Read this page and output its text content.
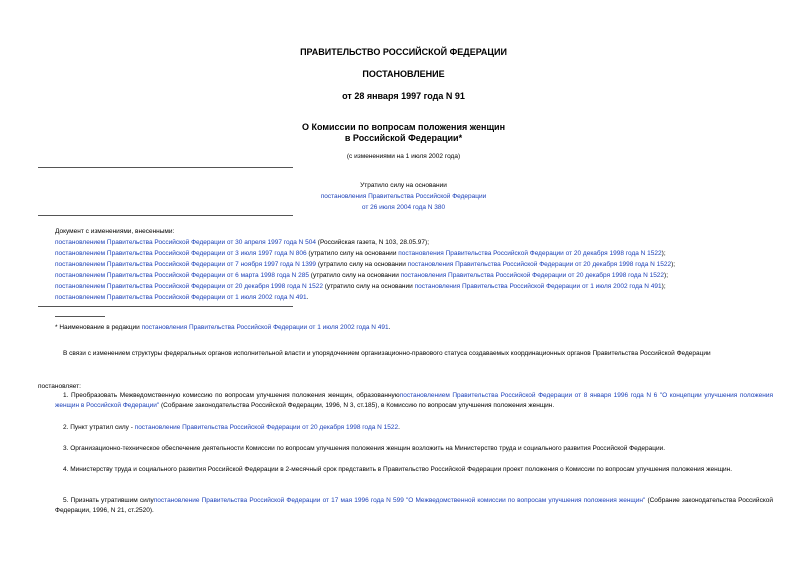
ПРАВИТЕЛЬСТВО РОССИЙСКОЙ ФЕДЕРАЦИИ
ПОСТАНОВЛЕНИЕ
от 28 января 1997 года N 91
О Комиссии по вопросам положения женщин
в Российской Федерации*
(с изменениями на 1 июля 2002 года)
Утратило силу на основании
постановления Правительства Российской Федерации
от 26 июля 2004 года N 380
Документ с изменениями, внесенными:
постановлением Правительства Российской Федерации от 30 апреля 1997 года N 504 (Российская газета, N 103, 28.05.97);
постановлением Правительства Российской Федерации от 3 июля 1997 года N 806 (утратило силу на основании постановления Правительства Российской Федерации от 20 декабря 1998 года N 1522);
постановлением Правительства Российской Федерации от 7 ноября 1997 года N 1399 (утратило силу на основании постановления Правительства Российской Федерации от 20 декабря 1998 года N 1522);
постановлением Правительства Российской Федерации от 6 марта 1998 года N 285 (утратило силу на основании постановления Правительства Российской Федерации от 20 декабря 1998 года N 1522);
постановлением Правительства Российской Федерации от 20 декабря 1998 года N 1522 (утратило силу на основании постановления Правительства Российской Федерации от 1 июля 2002 года N 491);
постановлением Правительства Российской Федерации от 1 июля 2002 года N 491.
* Наименование в редакции постановления Правительства Российской Федерации от 1 июля 2002 года N 491.
В связи с изменением структуры федеральных органов исполнительной власти и упорядочением организационно-правового статуса создаваемых координационных органов Правительства Российской Федерации
постановляет:
1. Преобразовать Межведомственную комиссию по вопросам улучшения положения женщин, образованнуюпостановлением Правительства Российской Федерации от 8 января 1996 года N 6 "О концепции улучшения положения женщин в Российской Федерации" (Собрание законодательства Российской Федерации, 1996, N 3, ст.185), в Комиссию по вопросам улучшения положения женщин.
2. Пункт утратил силу - постановление Правительства Российской Федерации от 20 декабря 1998 года N 1522.
3. Организационно-техническое обеспечение деятельности Комиссии по вопросам улучшения положения женщин возложить на Министерство труда и социального развития Российской Федерации.
4. Министерству труда и социального развития Российской Федерации в 2-месячный срок представить в Правительство Российской Федерации проект положения о Комиссии по вопросам улучшения положения женщин.
5. Признать утратившим силупостановление Правительства Российской Федерации от 17 мая 1996 года N 599 "О Межведомственной комиссии по вопросам улучшения положения женщин" (Собрание законодательства Российской Федерации, 1996, N 21, ст.2520).
